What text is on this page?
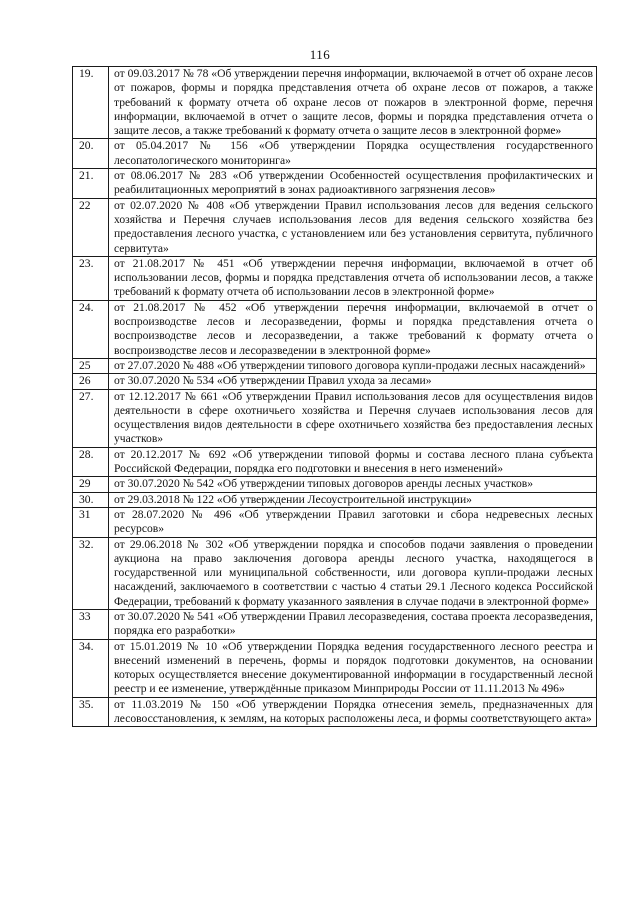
116
19.	от 09.03.2017 № 78 «Об утверждении перечня информации, включаемой в отчет об охране лесов от пожаров, формы и порядка представления отчета об охране лесов от пожаров, а также требований к формату отчета об охране лесов от пожаров в электронной форме, перечня информации, включаемой в отчет о защите лесов, формы и порядка представления отчета о защите лесов, а также требований к формату отчета о защите лесов в электронной форме»
20.	от 05.04.2017 № 156 «Об утверждении Порядка осуществления государственного лесопатологического мониторинга»
21.	от 08.06.2017 № 283 «Об утверждении Особенностей осуществления профилактических и реабилитационных мероприятий в зонах радиоактивного загрязнения лесов»
22	от 02.07.2020 № 408 «Об утверждении Правил использования лесов для ведения сельского хозяйства и Перечня случаев использования лесов для ведения сельского хозяйства без предоставления лесного участка, с установлением или без установления сервитута, публичного сервитута»
23.	от 21.08.2017 № 451 «Об утверждении перечня информации, включаемой в отчет об использовании лесов, формы и порядка представления отчета об использовании лесов, а также требований к формату отчета об использовании лесов в электронной форме»
24.	от 21.08.2017 № 452 «Об утверждении перечня информации, включаемой в отчет о воспроизводстве лесов и лесоразведении, формы и порядка представления отчета о воспроизводстве лесов и лесоразведении, а также требований к формату отчета о воспроизводстве лесов и лесоразведении в электронной форме»
25	от 27.07.2020 № 488 «Об утверждении типового договора купли-продажи лесных насаждений»
26	от 30.07.2020 № 534 «Об утверждении Правил ухода за лесами»
27.	от 12.12.2017 № 661 «Об утверждении Правил использования лесов для осуществления видов деятельности в сфере охотничьего хозяйства и Перечня случаев использования лесов для осуществления видов деятельности в сфере охотничьего хозяйства без предоставления лесных участков»
28.	от 20.12.2017 № 692 «Об утверждении типовой формы и состава лесного плана субъекта Российской Федерации, порядка его подготовки и внесения в него изменений»
29	от 30.07.2020 № 542 «Об утверждении типовых договоров аренды лесных участков»
30.	от 29.03.2018 № 122 «Об утверждении Лесоустроительной инструкции»
31	от 28.07.2020 № 496 «Об утверждении Правил заготовки и сбора недревесных лесных ресурсов»
32.	от 29.06.2018 № 302 «Об утверждении порядка и способов подачи заявления о проведении аукциона на право заключения договора аренды лесного участка, находящегося в государственной или муниципальной собственности, или договора купли-продажи лесных насаждений, заключаемого в соответствии с частью 4 статьи 29.1 Лесного кодекса Российской Федерации, требований к формату указанного заявления в случае подачи в электронной форме»
33	от 30.07.2020 № 541 «Об утверждении Правил лесоразведения, состава проекта лесоразведения, порядка его разработки»
34.	от 15.01.2019 № 10 «Об утверждении Порядка ведения государственного лесного реестра и внесений изменений в перечень, формы и порядок подготовки документов, на основании которых осуществляется внесение документированной информации в государственный лесной реестр и ее изменение, утверждённые приказом Минприроды России от 11.11.2013 № 496»
35.	от 11.03.2019 № 150 «Об утверждении Порядка отнесения земель, предназначенных для лесовосстановления, к землям, на которых расположены леса, и формы соответствующего акта»
